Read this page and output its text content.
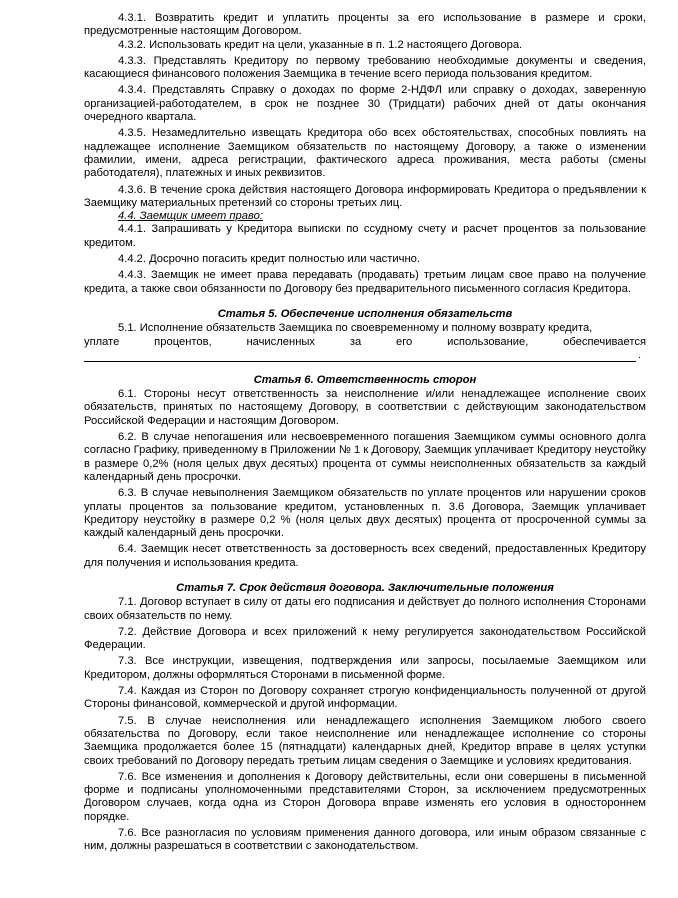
4.3.1. Возвратить кредит и уплатить проценты за его использование в размере и сроки, предусмотренные настоящим Договором.

4.3.2. Использовать кредит на цели, указанные в п. 1.2 настоящего Договора.

4.3.3. Представлять Кредитору по первому требованию необходимые документы и сведения, касающиеся финансового положения Заемщика в течение всего периода пользования кредитом.

4.3.4. Представлять Справку о доходах по форме 2-НДФЛ или справку о доходах, заверенную организацией-работодателем, в срок не позднее 30 (Тридцати) рабочих дней от даты окончания очередного квартала.

4.3.5. Незамедлительно извещать Кредитора обо всех обстоятельствах, способных повлиять на надлежащее исполнение Заемщиком обязательств по настоящему Договору, а также о изменении фамилии, имени, адреса регистрации, фактического адреса проживания, места работы (смены работодателя), платежных и иных реквизитов.

4.3.6. В течение срока действия настоящего Договора информировать Кредитора о предъявлении к Заемщику материальных претензий со стороны третьих лиц.

4.4. Заемщик имеет право:

4.4.1. Запрашивать у Кредитора выписки по ссудному счету и расчет процентов за пользование кредитом.

4.4.2. Досрочно погасить кредит полностью или частично.

4.4.3. Заемщик не имеет права передавать (продавать) третьим лицам свое право на получение кредита, а также свои обязанности по Договору без предварительного письменного согласия Кредитора.

Статья 5. Обеспечение исполнения обязательств

5.1. Исполнение обязательств Заемщика по своевременному и полному возврату кредита,

уплате процентов, начисленных за его использование, обеспечивается

.

Статья 6. Ответственность сторон

6.1. Стороны несут ответственность за неисполнение и/или ненадлежащее исполнение своих обязательств, принятых по настоящему Договору, в соответствии с действующим законодательством Российской Федерации и настоящим Договором.

6.2. В случае непогашения или несвоевременного погашения Заемщиком суммы основного долга согласно Графику, приведенному в Приложении № 1 к Договору, Заемщик уплачивает Кредитору неустойку в размере 0,2% (ноля целых двух десятых) процента от суммы неисполненных обязательств за каждый календарный день просрочки.

6.3. В случае невыполнения Заемщиком обязательств по уплате процентов или нарушении сроков уплаты процентов за пользование кредитом, установленных п. 3.6 Договора, Заемщик уплачивает Кредитору неустойку в размере 0,2 % (ноля целых двух десятых) процента от просроченной суммы за каждый календарный день просрочки.

6.4. Заемщик несет ответственность за достоверность всех сведений, предоставленных Кредитору для получения и использования кредита.

Статья 7. Срок действия договора. Заключительные положения

7.1. Договор вступает в силу от даты его подписания и действует до полного исполнения Сторонами своих обязательств по нему.

7.2. Действие Договора и всех приложений к нему регулируется законодательством Российской Федерации.

7.3. Все инструкции, извещения, подтверждения или запросы, посылаемые Заемщиком или Кредитором, должны оформляться Сторонами в письменной форме.

7.4. Каждая из Сторон по Договору сохраняет строгую конфиденциальность полученной от другой Стороны финансовой, коммерческой и другой информации.

7.5. В случае неисполнения или ненадлежащего исполнения Заемщиком любого своего обязательства по Договору, если такое неисполнение или ненадлежащее исполнение со стороны Заемщика продолжается более 15 (пятнадцати) календарных дней, Кредитор вправе в целях уступки своих требований по Договору передать третьим лицам сведения о Заемщике и условиях кредитования.

7.6. Все изменения и дополнения к Договору действительны, если они совершены в письменной форме и подписаны уполномоченными представителями Сторон, за исключением предусмотренных Договором случаев, когда одна из Сторон Договора вправе изменять его условия в одностороннем порядке.

7.6. Все разногласия по условиям применения данного договора, или иным образом связанные с ним, должны разрешаться в соответствии с законодательством.
